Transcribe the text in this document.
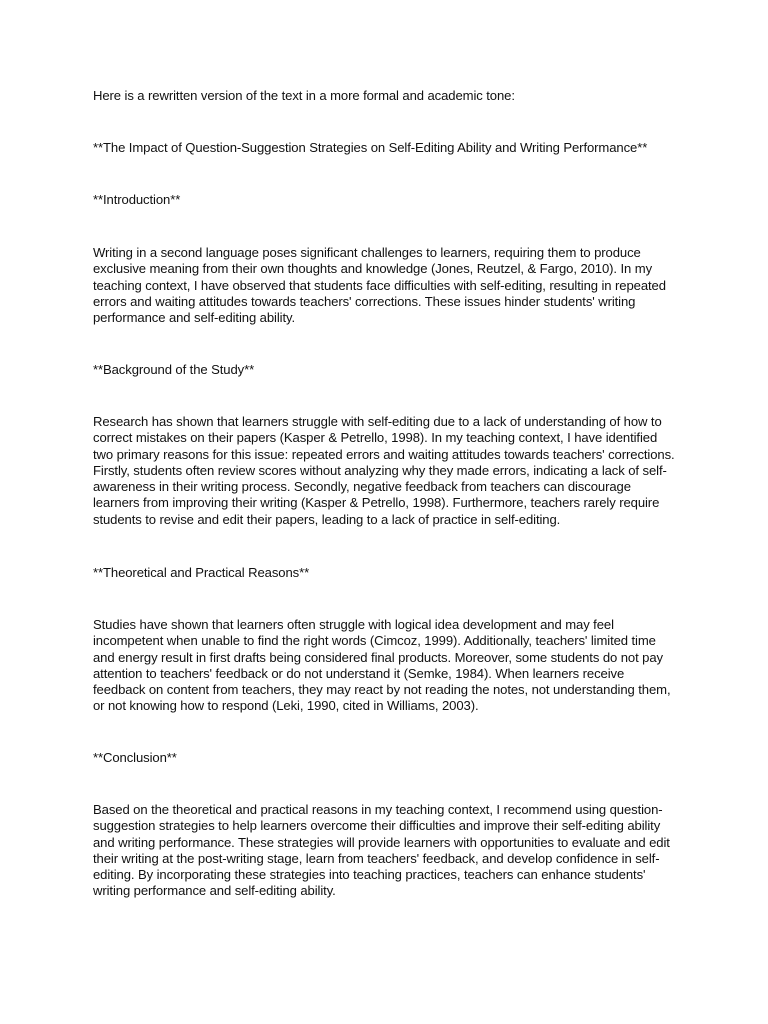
Here is a rewritten version of the text in a more formal and academic tone:

**The Impact of Question-Suggestion Strategies on Self-Editing Ability and Writing Performance**

**Introduction**

Writing in a second language poses significant challenges to learners, requiring them to produce exclusive meaning from their own thoughts and knowledge (Jones, Reutzel, & Fargo, 2010). In my teaching context, I have observed that students face difficulties with self-editing, resulting in repeated errors and waiting attitudes towards teachers' corrections. These issues hinder students' writing performance and self-editing ability.

**Background of the Study**

Research has shown that learners struggle with self-editing due to a lack of understanding of how to correct mistakes on their papers (Kasper & Petrello, 1998). In my teaching context, I have identified two primary reasons for this issue: repeated errors and waiting attitudes towards teachers' corrections. Firstly, students often review scores without analyzing why they made errors, indicating a lack of self-awareness in their writing process. Secondly, negative feedback from teachers can discourage learners from improving their writing (Kasper & Petrello, 1998). Furthermore, teachers rarely require students to revise and edit their papers, leading to a lack of practice in self-editing.

**Theoretical and Practical Reasons**

Studies have shown that learners often struggle with logical idea development and may feel incompetent when unable to find the right words (Cimcoz, 1999). Additionally, teachers' limited time and energy result in first drafts being considered final products. Moreover, some students do not pay attention to teachers' feedback or do not understand it (Semke, 1984). When learners receive feedback on content from teachers, they may react by not reading the notes, not understanding them, or not knowing how to respond (Leki, 1990, cited in Williams, 2003).

**Conclusion**

Based on the theoretical and practical reasons in my teaching context, I recommend using question-suggestion strategies to help learners overcome their difficulties and improve their self-editing ability and writing performance. These strategies will provide learners with opportunities to evaluate and edit their writing at the post-writing stage, learn from teachers' feedback, and develop confidence in self-editing. By incorporating these strategies into teaching practices, teachers can enhance students' writing performance and self-editing ability.
